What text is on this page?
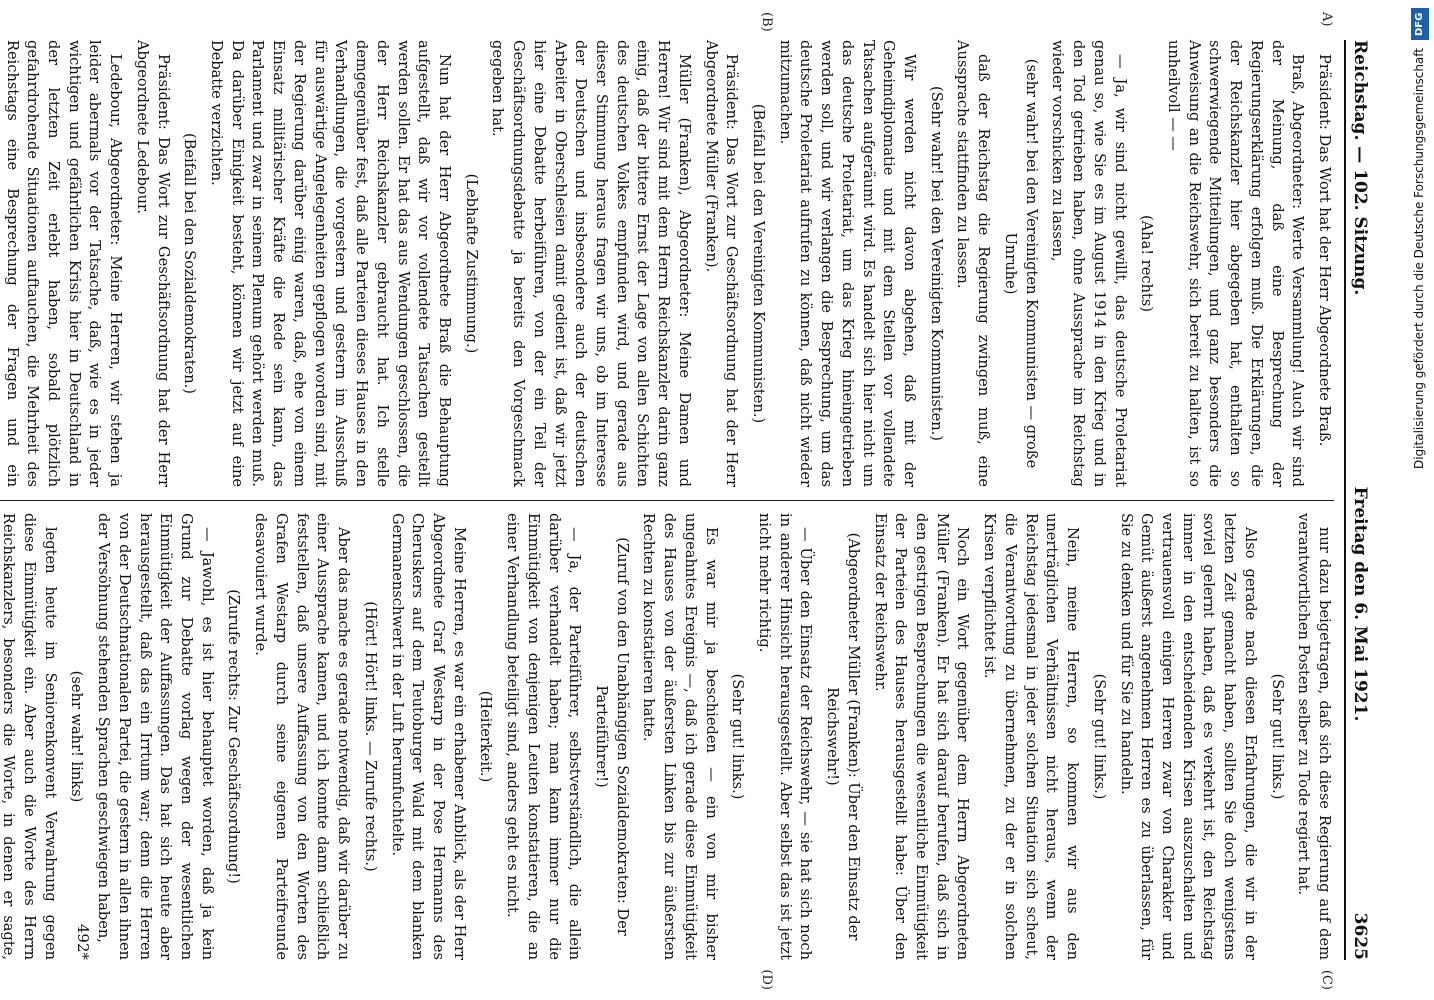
Reichstag. — 102. Sitzung.
Freitag den 6. Mai 1921.
3625

Präsident: Das Wort hat der Herr Abgeordnete Braß.

Braß, Abgeordneter: Werte Versammlung! Auch wir sind der Meinung, daß eine Besprechung der Regierungserklärung erfolgen muß. Die Erklärungen, die der Reichskanzler hier abgegeben hat, enthalten so schwerwiegende Mitteilungen, und ganz besonders die Anweisung an die Reichswehr, sich bereit zu halten, ist so unheilvoll — —

(Aha! rechts)

— Ja, wir sind nicht gewillt, das deutsche Proletariat genau so, wie Sie es im August 1914 in den Krieg und in den Tod getrieben haben, ohne Aussprache im Reichstag wieder vorschicken zu lassen,

(sehr wahr! bei den Vereinigten Kommunisten — große Unruhe)

daß der Reichstag die Regierung zwingen muß, eine Aussprache stattfinden zu lassen.

(Sehr wahr! bei den Vereinigten Kommunisten.)

Wir werden nicht davon abgehen, daß mit der Geheimdiplomatie und mit dem Stellen vor vollendete Tatsachen aufgeräumt wird. Es handelt sich hier nicht um das deutsche Proletariat, um das Krieg hineingetrieben werden soll, und wir verlangen die Besprechung, um das deutsche Proletariat aufrufen zu können, daß nicht wieder mitzumachen.

(Beifall bei den Vereinigten Kommunisten.)

Präsident: Das Wort zur Geschäftsordnung hat der Herr Abgeordnete Müller (Franken).

Müller (Franken), Abgeordneter: Meine Damen und Herren! Wir sind mit dem Herrn Reichskanzler darin ganz einig, daß der bittere Ernst der Lage von allen Schichten des deutschen Volkes empfunden wird, und gerade aus dieser Stimmung heraus fragen wir uns, ob im Interesse der Deutschen und insbesondere auch der deutschen Arbeiter in Oberschlesien damit gedient ist, daß wir jetzt hier eine Debatte herbeiführen, von der ein Teil der Geschäftsordnungsdebatte ja bereits den Vorgeschmack gegeben hat.

(Lebhafte Zustimmung.)

Nun hat der Herr Abgeordnete Braß die Behauptung aufgestellt, daß wir vor vollendete Tatsachen gestellt werden sollen. Er hat das aus Wendungen geschlossen, die der Herr Reichskanzler gebraucht hat. Ich stelle demgegenüber fest, daß alle Parteien dieses Hauses in den Verhandlungen, die vorgestern und gestern im Ausschuß für auswärtige Angelegenheiten gepflogen worden sind, mit der Regierung darüber einig waren, daß, ehe von einem Einsatz militärischer Kräfte die Rede sein kann, das Parlament und zwar in seinem Plenum gehört werden muß. Da darüber Einigkeit besteht, können wir jetzt auf eine Debatte verzichten.

(Beifall bei den Sozialdemokraten.)

Präsident: Das Wort zur Geschäftsordnung hat der Herr Abgeordnete Ledebour.

Ledebour, Abgeordneter: Meine Herren, wir stehen ja leider abermals vor der Tatsache, daß, wie es in jeder wichtigen und gefährlichen Krisis hier in Deutschland in der letzten Zeit erlebt haben, sobald plötzlich gefahrdrohende Situationen auftauchen, die Mehrheit des Reichstags eine Besprechung der Fragen und ein

nur dazu beigetragen, daß sich diese Regierung auf dem verantwortlichen Posten selber zu Tode regiert hat.

(Sehr gut! links.)

Also gerade nach diesen Erfahrungen, die wir in der letzten Zeit gemacht haben, sollten Sie doch wenigstens soviel gelernt haben, daß es verkehrt ist, den Reichstag immer in den entscheidenden Krisen auszuschalten und vertrauensvoll einigen Herren zwar von Charakter und Gemüt äußerst angenehmen Herren es zu überlassen, für Sie zu denken und für Sie zu handeln.

(Sehr gut! links.)

Nein, meine Herren, so kommen wir aus den unerträglichen Verhältnissen nicht heraus, wenn der Reichstag jedesmal in jeder solchen Situation sich scheut, die Verantwortung zu übernehmen, zu der er in solchen Krisen verpflichtet ist.

Noch ein Wort gegenüber dem Herrn Abgeordneten Müller (Franken). Er hat sich darauf berufen, daß sich in den gestrigen Besprechungen die wesentliche Einmütigkeit der Parteien des Hauses herausgestellt habe: Über den Einsatz der Reichswehr.

(Abgeordneter Müller (Franken): Über den Einsatz der Reichswehr!)

— Über den Einsatz der Reichswehr, — sie hat sich noch in anderer Hinsicht herausgestellt. Aber selbst das ist jetzt nicht mehr richtig.

(Sehr gut! links.)

Es war mir ja beschieden — ein von mir bisher ungeahntes Ereignis —, daß ich gerade diese Einmütigkeit des Hauses von der äußersten Linken bis zur äußersten Rechten zu konstatieren hatte.

(Zuruf von den Unabhängigen Sozialdemokraten: Der Parteiführer!)

— Ja, der Parteiführer, selbstverständlich, die allein darüber verhandelt haben; man kann immer nur die Einmütigkeit von denjenigen Leuten konstatieren, die an einer Verhandlung beteiligt sind, anders geht es nicht.

(Heiterkeit.)

Meine Herren, es war ein erhabener Anblick, als der Herr Abgeordnete Graf Westarp in der Pose Hermanns des Cheruskers auf dem Teutoburger Wald mit dem blanken Germanenschwert in der Luft herumfuchtelte.

(Hört! Hört! links. — Zurufe rechts.)

Aber das mache es gerade notwendig, daß wir darüber zu einer Aussprache kamen, und ich konnte dann schließlich feststellen, daß unsere Auffassung von den Worten des Grafen Westarp durch seine eigenen Parteifreunde desavouiert wurde.

(Zurufe rechts: Zur Geschäftsordnung!)

— Jawohl, es ist hier behauptet worden, daß ja kein Grund zur Debatte vorlag wegen der wesentlichen Einmütigkeit der Auffassungen. Das hat sich heute aber herausgestellt, daß das ein Irrtum war; denn die Herren von der Deutschnationalen Partei, die gestern in allen ihnen der Versöhnung stehenden Sprachen geschwiegen haben,

(sehr wahr! links)

legten heute im Seniorenkonvent Verwahrung gegen diese Einmütigkeit ein. Aber auch die Worte des Herrn Reichskanzlers, besonders die Worte, in denen er sagte,

A)
(B)
(C)
(D)
492*
DFG
Digitalisierung gefördert durch die Deutsche Forschungsgemeinschaft
